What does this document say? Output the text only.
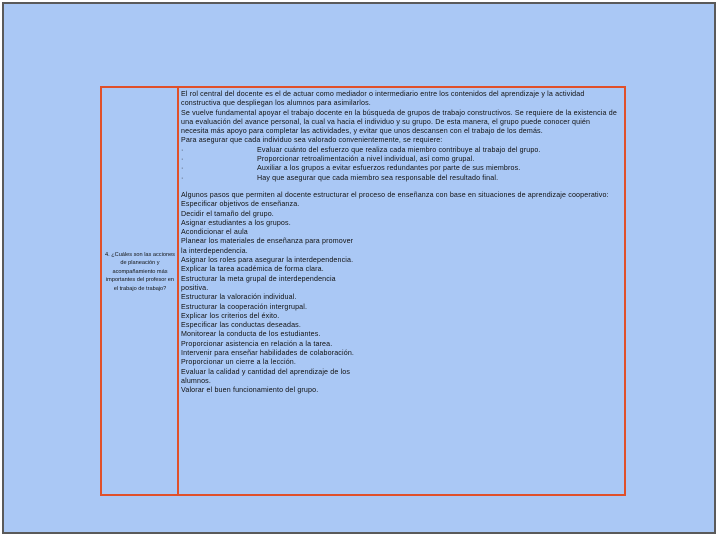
4. ¿Cuáles son las acciones de planeación y acompañamiento más importantes del profesor en el trabajo de trabajo?

El rol central del docente es el de actuar como mediador o intermediario entre los contenidos del aprendizaje y la actividad constructiva que despliegan los alumnos para asimilarlos.

Se vuelve fundamental apoyar el trabajo docente en la búsqueda de grupos de trabajo constructivos. Se requiere de la existencia de una evaluación del avance personal, la cual va hacia el individuo y su grupo. De esta manera, el grupo puede conocer quién necesita más apoyo para completar las actividades, y evitar que unos descansen con el trabajo de los demás.

Para asegurar que cada individuo sea valorado convenientemente, se requiere:

·	Evaluar cuánto del esfuerzo que realiza cada miembro contribuye al trabajo del grupo.

·	Proporcionar retroalimentación a nivel individual, así como grupal.

·	Auxiliar a los grupos a evitar esfuerzos redundantes por parte de sus miembros.

·	Hay que asegurar que cada miembro sea responsable del resultado final.

Algunos pasos que permiten al docente estructurar el proceso de enseñanza con base en situaciones de aprendizaje cooperativo:

Especificar objetivos de enseñanza.

Decidir el tamaño del grupo.

Asignar estudiantes a los grupos.

Acondicionar el aula

Planear los materiales de enseñanza para promover

la interdependencia.

Asignar los roles para asegurar la interdependencia.

Explicar la tarea académica de forma clara.

Estructurar la meta grupal de interdependencia

positiva.

Estructurar la valoración individual.

Estructurar la cooperación intergrupal.

Explicar los criterios del éxito.

Especificar las conductas deseadas.

Monitorear la conducta de los estudiantes.

Proporcionar asistencia en relación a la tarea.

Intervenir para enseñar habilidades de colaboración.

Proporcionar un cierre a la lección.

Evaluar la calidad y cantidad del aprendizaje de los

alumnos.

Valorar el buen funcionamiento del grupo.
